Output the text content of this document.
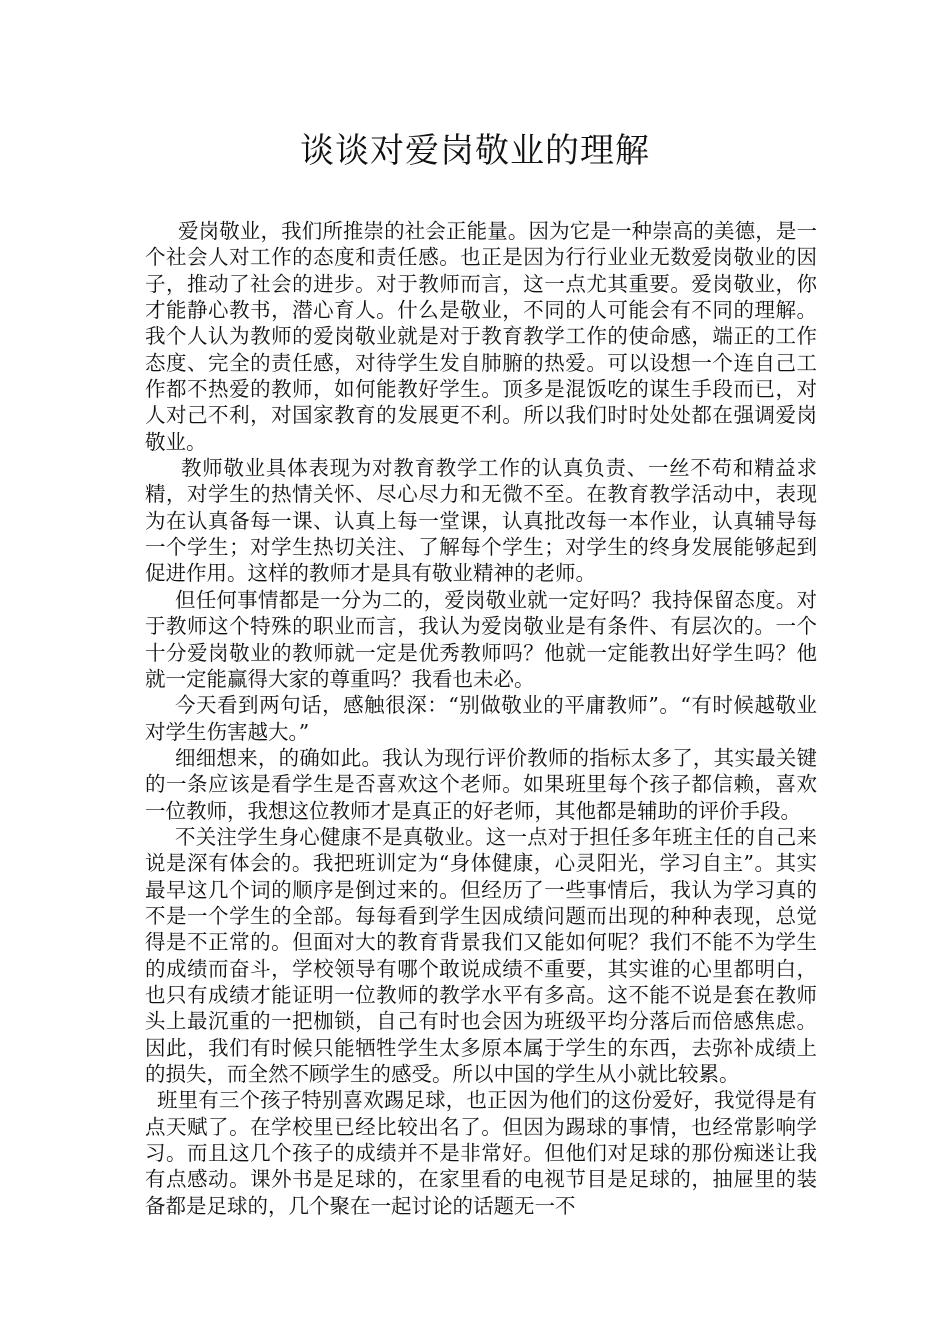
谈谈对爱岗敬业的理解

爱岗敬业，我们所推崇的社会正能量。因为它是一种崇高的美德，是一个社会人对工作的态度和责任感。也正是因为行行业业无数爱岗敬业的因子，推动了社会的进步。对于教师而言，这一点尤其重要。爱岗敬业，你才能静心教书，潜心育人。什么是敬业，不同的人可能会有不同的理解。我个人认为教师的爱岗敬业就是对于教育教学工作的使命感，端正的工作态度、完全的责任感，对待学生发自肺腑的热爱。可以设想一个连自己工作都不热爱的教师，如何能教好学生。顶多是混饭吃的谋生手段而已，对人对己不利，对国家教育的发展更不利。所以我们时时处处都在强调爱岗敬业。

教师敬业具体表现为对教育教学工作的认真负责、一丝不苟和精益求精，对学生的热情关怀、尽心尽力和无微不至。在教育教学活动中，表现为在认真备每一课、认真上每一堂课，认真批改每一本作业，认真辅导每一个学生；对学生热切关注、了解每个学生；对学生的终身发展能够起到促进作用。这样的教师才是具有敬业精神的老师。

但任何事情都是一分为二的，爱岗敬业就一定好吗？我持保留态度。对于教师这个特殊的职业而言，我认为爱岗敬业是有条件、有层次的。一个十分爱岗敬业的教师就一定是优秀教师吗？他就一定能教出好学生吗？他就一定能赢得大家的尊重吗？我看也未必。

今天看到两句话，感触很深：“别做敬业的平庸教师”。“有时候越敬业对学生伤害越大。”

细细想来，的确如此。我认为现行评价教师的指标太多了，其实最关键的一条应该是看学生是否喜欢这个老师。如果班里每个孩子都信赖，喜欢一位教师，我想这位教师才是真正的好老师，其他都是辅助的评价手段。

不关注学生身心健康不是真敬业。这一点对于担任多年班主任的自己来说是深有体会的。我把班训定为“身体健康，心灵阳光，学习自主”。其实最早这几个词的顺序是倒过来的。但经历了一些事情后，我认为学习真的不是一个学生的全部。每每看到学生因成绩问题而出现的种种表现，总觉得是不正常的。但面对大的教育背景我们又能如何呢？我们不能不为学生的成绩而奋斗，学校领导有哪个敢说成绩不重要，其实谁的心里都明白，也只有成绩才能证明一位教师的教学水平有多高。这不能不说是套在教师头上最沉重的一把枷锁，自己有时也会因为班级平均分落后而倍感焦虑。因此，我们有时候只能牺牲学生太多原本属于学生的东西，去弥补成绩上的损失，而全然不顾学生的感受。所以中国的学生从小就比较累。

班里有三个孩子特别喜欢踢足球，也正因为他们的这份爱好，我觉得是有点天赋了。在学校里已经比较出名了。但因为踢球的事情，也经常影响学习。而且这几个孩子的成绩并不是非常好。但他们对足球的那份痴迷让我有点感动。课外书是足球的，在家里看的电视节目是足球的，抽屉里的装备都是足球的，几个聚在一起讨论的话题无一不
